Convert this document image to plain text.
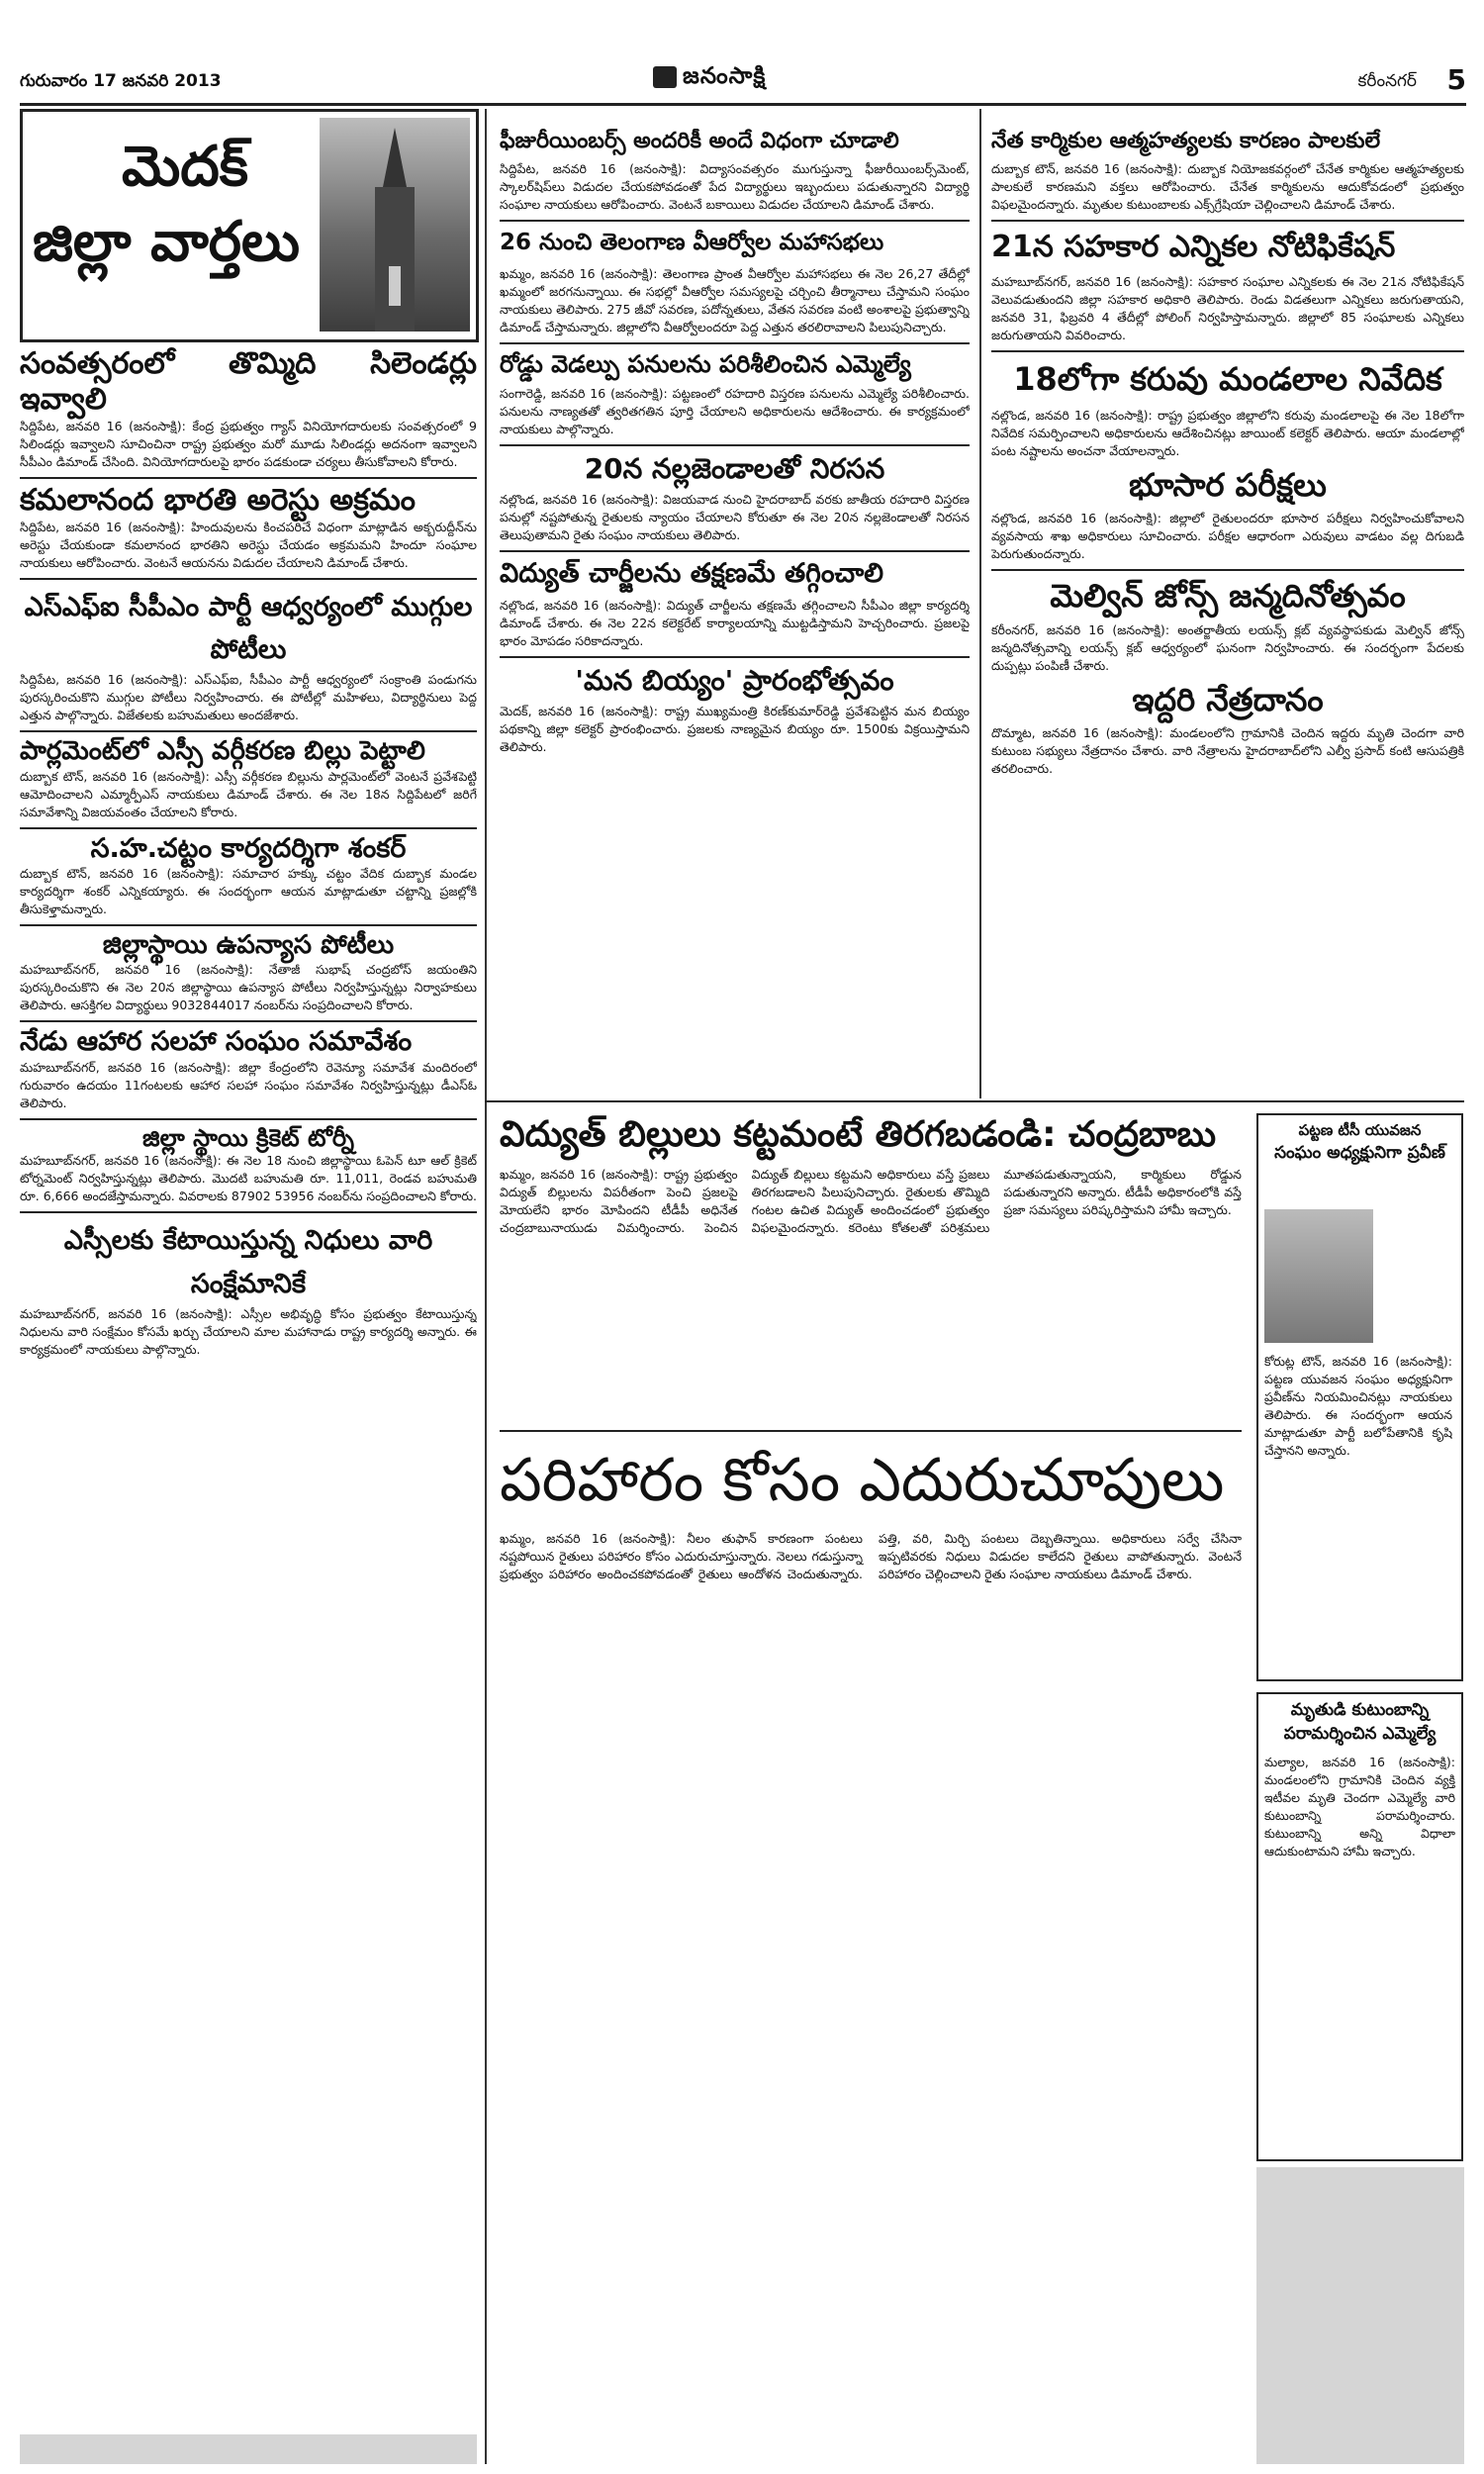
గురువారం 17 జనవరి 2013	జనంసాక్షి	కరీంనగర్ 5
మెదక్
జిల్లా వార్తలు
సంవత్సరంలో తొమ్మిది సిలెండర్లు ఇవ్వాలి

సిద్దిపేట, జనవరి 16 (జనంసాక్షి): కేంద్ర ప్రభుత్వం గ్యాస్ వినియోగదారులకు సంవత్సరంలో 9 సిలిండర్లు ఇవ్వాలని సూచించినా రాష్ట్ర ప్రభుత్వం మరో మూడు సిలిండర్లు అదనంగా ఇవ్వాలని సీపీఎం డిమాండ్ చేసింది. వినియోగదారులపై భారం పడకుండా చర్యలు తీసుకోవాలని కోరారు.

కమలానంద భారతి అరెస్టు అక్రమం

సిద్దిపేట, జనవరి 16 (జనంసాక్షి): హిందువులను కించపరిచే విధంగా మాట్లాడిన అక్బరుద్దీన్‌ను అరెస్టు చేయకుండా కమలానంద భారతిని అరెస్టు చేయడం అక్రమమని హిందూ సంఘాల నాయకులు ఆరోపించారు. వెంటనే ఆయనను విడుదల చేయాలని డిమాండ్ చేశారు.

ఎస్‌ఎఫ్ఐ సీపీఎం పార్టీ ఆధ్వర్యంలో ముగ్గుల పోటీలు

సిద్దిపేట, జనవరి 16 (జనంసాక్షి): ఎస్‌ఎఫ్ఐ, సీపీఎం పార్టీ ఆధ్వర్యంలో సంక్రాంతి పండుగను పురస్కరించుకొని ముగ్గుల పోటీలు నిర్వహించారు. ఈ పోటీల్లో మహిళలు, విద్యార్థినులు పెద్ద ఎత్తున పాల్గొన్నారు. విజేతలకు బహుమతులు అందజేశారు.

పార్లమెంట్‌లో ఎస్సీ వర్గీకరణ బిల్లు పెట్టాలి

దుబ్బాక టౌన్, జనవరి 16 (జనంసాక్షి): ఎస్సీ వర్గీకరణ బిల్లును పార్లమెంట్‌లో వెంటనే ప్రవేశపెట్టి ఆమోదించాలని ఎమ్మార్పీఎస్ నాయకులు డిమాండ్ చేశారు. ఈ నెల 18న సిద్దిపేటలో జరిగే సమావేశాన్ని విజయవంతం చేయాలని కోరారు.

స.హ.చట్టం కార్యదర్శిగా శంకర్

దుబ్బాక టౌన్, జనవరి 16 (జనంసాక్షి): సమాచార హక్కు చట్టం వేదిక దుబ్బాక మండల కార్యదర్శిగా శంకర్ ఎన్నికయ్యారు. ఈ సందర్భంగా ఆయన మాట్లాడుతూ చట్టాన్ని ప్రజల్లోకి తీసుకెళ్తామన్నారు.

జిల్లాస్థాయి ఉపన్యాస పోటీలు

మహబూబ్‌నగర్, జనవరి 16 (జనంసాక్షి): నేతాజీ సుభాష్ చంద్రబోస్ జయంతిని పురస్కరించుకొని ఈ నెల 20న జిల్లాస్థాయి ఉపన్యాస పోటీలు నిర్వహిస్తున్నట్లు నిర్వాహకులు తెలిపారు. ఆసక్తిగల విద్యార్థులు 9032844017 నంబర్‌ను సంప్రదించాలని కోరారు.

నేడు ఆహార సలహా సంఘం సమావేశం

మహబూబ్‌నగర్, జనవరి 16 (జనంసాక్షి): జిల్లా కేంద్రంలోని రెవెన్యూ సమావేశ మందిరంలో గురువారం ఉదయం 11గంటలకు ఆహార సలహా సంఘం సమావేశం నిర్వహిస్తున్నట్లు డీఎస్‌ఓ తెలిపారు.

జిల్లా స్థాయి క్రికెట్ టోర్నీ

మహబూబ్‌నగర్, జనవరి 16 (జనంసాక్షి): ఈ నెల 18 నుంచి జిల్లాస్థాయి ఓపెన్ టూ ఆల్ క్రికెట్ టోర్నమెంట్ నిర్వహిస్తున్నట్లు తెలిపారు. మొదటి బహుమతి రూ. 11,011, రెండవ బహుమతి రూ. 6,666 అందజేస్తామన్నారు. వివరాలకు 87902 53956 నంబర్‌ను సంప్రదించాలని కోరారు.

ఎస్సీలకు కేటాయిస్తున్న నిధులు వారి సంక్షేమానికే

మహబూబ్‌నగర్, జనవరి 16 (జనంసాక్షి): ఎస్సీల అభివృద్ధి కోసం ప్రభుత్వం కేటాయిస్తున్న నిధులను వారి సంక్షేమం కోసమే ఖర్చు చేయాలని మాల మహానాడు రాష్ట్ర కార్యదర్శి అన్నారు. ఈ కార్యక్రమంలో నాయకులు పాల్గొన్నారు.

ఫీజురీయింబర్స్ అందరికీ అందే విధంగా చూడాలి

సిద్దిపేట, జనవరి 16 (జనంసాక్షి): విద్యాసంవత్సరం ముగుస్తున్నా ఫీజురీయింబర్స్‌మెంట్, స్కాలర్‌షిప్‌లు విడుదల చేయకపోవడంతో పేద విద్యార్థులు ఇబ్బందులు పడుతున్నారని విద్యార్థి సంఘాల నాయకులు ఆరోపించారు. వెంటనే బకాయిలు విడుదల చేయాలని డిమాండ్ చేశారు.

26 నుంచి తెలంగాణ వీఆర్వోల మహాసభలు

ఖమ్మం, జనవరి 16 (జనంసాక్షి): తెలంగాణ ప్రాంత వీఆర్వోల మహాసభలు ఈ నెల 26,27 తేదీల్లో ఖమ్మంలో జరగనున్నాయి. ఈ సభల్లో వీఆర్వోల సమస్యలపై చర్చించి తీర్మానాలు చేస్తామని సంఘం నాయకులు తెలిపారు. 275 జీవో సవరణ, పదోన్నతులు, వేతన సవరణ వంటి అంశాలపై ప్రభుత్వాన్ని డిమాండ్ చేస్తామన్నారు. జిల్లాలోని వీఆర్వోలందరూ పెద్ద ఎత్తున తరలిరావాలని పిలుపునిచ్చారు.

రోడ్డు వెడల్పు పనులను పరిశీలించిన ఎమ్మెల్యే

సంగారెడ్డి, జనవరి 16 (జనంసాక్షి): పట్టణంలో రహదారి విస్తరణ పనులను ఎమ్మెల్యే పరిశీలించారు. పనులను నాణ్యతతో త్వరితగతిన పూర్తి చేయాలని అధికారులను ఆదేశించారు. ఈ కార్యక్రమంలో నాయకులు పాల్గొన్నారు.

20న నల్లజెండాలతో నిరసన

నల్లొండ, జనవరి 16 (జనంసాక్షి): విజయవాడ నుంచి హైదరాబాద్ వరకు జాతీయ రహదారి విస్తరణ పనుల్లో నష్టపోతున్న రైతులకు న్యాయం చేయాలని కోరుతూ ఈ నెల 20న నల్లజెండాలతో నిరసన తెలుపుతామని రైతు సంఘం నాయకులు తెలిపారు.

విద్యుత్ చార్జీలను తక్షణమే తగ్గించాలి

నల్లొండ, జనవరి 16 (జనంసాక్షి): విద్యుత్ చార్జీలను తక్షణమే తగ్గించాలని సీపీఎం జిల్లా కార్యదర్శి డిమాండ్ చేశారు. ఈ నెల 22న కలెక్టరేట్ కార్యాలయాన్ని ముట్టడిస్తామని హెచ్చరించారు. ప్రజలపై భారం మోపడం సరికాదన్నారు.

'మన బియ్యం' ప్రారంభోత్సవం

మెదక్, జనవరి 16 (జనంసాక్షి): రాష్ట్ర ముఖ్యమంత్రి కిరణ్‌కుమార్‌రెడ్డి ప్రవేశపెట్టిన మన బియ్యం పథకాన్ని జిల్లా కలెక్టర్ ప్రారంభించారు. ప్రజలకు నాణ్యమైన బియ్యం రూ. 1500కు విక్రయిస్తామని తెలిపారు.

నేత కార్మికుల ఆత్మహత్యలకు కారణం పాలకులే

దుబ్బాక టౌన్, జనవరి 16 (జనంసాక్షి): దుబ్బాక నియోజకవర్గంలో చేనేత కార్మికుల ఆత్మహత్యలకు పాలకులే కారణమని వక్తలు ఆరోపించారు. చేనేత కార్మికులను ఆదుకోవడంలో ప్రభుత్వం విఫలమైందన్నారు. మృతుల కుటుంబాలకు ఎక్స్‌గ్రేషియా చెల్లించాలని డిమాండ్ చేశారు.

21న సహకార ఎన్నికల నోటిఫికేషన్

మహబూబ్‌నగర్, జనవరి 16 (జనంసాక్షి): సహకార సంఘాల ఎన్నికలకు ఈ నెల 21న నోటిఫికేషన్ వెలువడుతుందని జిల్లా సహకార అధికారి తెలిపారు. రెండు విడతలుగా ఎన్నికలు జరుగుతాయని, జనవరి 31, ఫిబ్రవరి 4 తేదీల్లో పోలింగ్ నిర్వహిస్తామన్నారు. జిల్లాలో 85 సంఘాలకు ఎన్నికలు జరుగుతాయని వివరించారు.

18లోగా కరువు మండలాల నివేదిక

నల్లొండ, జనవరి 16 (జనంసాక్షి): రాష్ట్ర ప్రభుత్వం జిల్లాలోని కరువు మండలాలపై ఈ నెల 18లోగా నివేదిక సమర్పించాలని అధికారులను ఆదేశించినట్లు జాయింట్ కలెక్టర్ తెలిపారు. ఆయా మండలాల్లో పంట నష్టాలను అంచనా వేయాలన్నారు.

భూసార పరీక్షలు

నల్లొండ, జనవరి 16 (జనంసాక్షి): జిల్లాలో రైతులందరూ భూసార పరీక్షలు నిర్వహించుకోవాలని వ్యవసాయ శాఖ అధికారులు సూచించారు. పరీక్షల ఆధారంగా ఎరువులు వాడటం వల్ల దిగుబడి పెరుగుతుందన్నారు.

మెల్విన్ జోన్స్ జన్మదినోత్సవం

కరీంనగర్, జనవరి 16 (జనంసాక్షి): అంతర్జాతీయ లయన్స్ క్లబ్ వ్యవస్థాపకుడు మెల్విన్ జోన్స్ జన్మదినోత్సవాన్ని లయన్స్ క్లబ్ ఆధ్వర్యంలో ఘనంగా నిర్వహించారు. ఈ సందర్భంగా పేదలకు దుప్పట్లు పంపిణీ చేశారు.

ఇద్దరి నేత్రదానం

దొమ్మాట, జనవరి 16 (జనంసాక్షి): మండలంలోని గ్రామానికి చెందిన ఇద్దరు మృతి చెందగా వారి కుటుంబ సభ్యులు నేత్రదానం చేశారు. వారి నేత్రాలను హైదరాబాద్‌లోని ఎల్వీ ప్రసాద్ కంటి ఆసుపత్రికి తరలించారు.

విద్యుత్ బిల్లులు కట్టమంటే తిరగబడండి: చంద్రబాబు
ఖమ్మం, జనవరి 16 (జనంసాక్షి): రాష్ట్ర ప్రభుత్వం విద్యుత్ బిల్లులను విపరీతంగా పెంచి ప్రజలపై మోయలేని భారం మోపిందని టీడీపీ అధినేత చంద్రబాబునాయుడు విమర్శించారు. పెంచిన విద్యుత్ బిల్లులు కట్టమని అధికారులు వస్తే ప్రజలు తిరగబడాలని పిలుపునిచ్చారు. రైతులకు తొమ్మిది గంటల ఉచిత విద్యుత్ అందించడంలో ప్రభుత్వం విఫలమైందన్నారు. కరెంటు కోతలతో పరిశ్రమలు మూతపడుతున్నాయని, కార్మికులు రోడ్డున పడుతున్నారని అన్నారు. టీడీపీ అధికారంలోకి వస్తే ప్రజా సమస్యలు పరిష్కరిస్తామని హామీ ఇచ్చారు.
పరిహారం కోసం ఎదురుచూపులు
ఖమ్మం, జనవరి 16 (జనంసాక్షి): నీలం తుఫాన్ కారణంగా పంటలు నష్టపోయిన రైతులు పరిహారం కోసం ఎదురుచూస్తున్నారు. నెలలు గడుస్తున్నా ప్రభుత్వం పరిహారం అందించకపోవడంతో రైతులు ఆందోళన చెందుతున్నారు. పత్తి, వరి, మిర్చి పంటలు దెబ్బతిన్నాయి. అధికారులు సర్వే చేసినా ఇప్పటివరకు నిధులు విడుదల కాలేదని రైతులు వాపోతున్నారు. వెంటనే పరిహారం చెల్లించాలని రైతు సంఘాల నాయకులు డిమాండ్ చేశారు.
పట్టణ టీసీ యువజన
సంఘం అధ్యక్షునిగా ప్రవీణ్
కోరుట్ల టౌన్, జనవరి 16 (జనంసాక్షి): పట్టణ యువజన సంఘం అధ్యక్షునిగా ప్రవీణ్‌ను నియమించినట్లు నాయకులు తెలిపారు. ఈ సందర్భంగా ఆయన మాట్లాడుతూ పార్టీ బలోపేతానికి కృషి చేస్తానని అన్నారు.
మృతుడి కుటుంబాన్ని
పరామర్శించిన ఎమ్మెల్యే
మల్యాల, జనవరి 16 (జనంసాక్షి): మండలంలోని గ్రామానికి చెందిన వ్యక్తి ఇటీవల మృతి చెందగా ఎమ్మెల్యే వారి కుటుంబాన్ని పరామర్శించారు. కుటుంబాన్ని అన్ని విధాలా ఆదుకుంటామని హామీ ఇచ్చారు.
